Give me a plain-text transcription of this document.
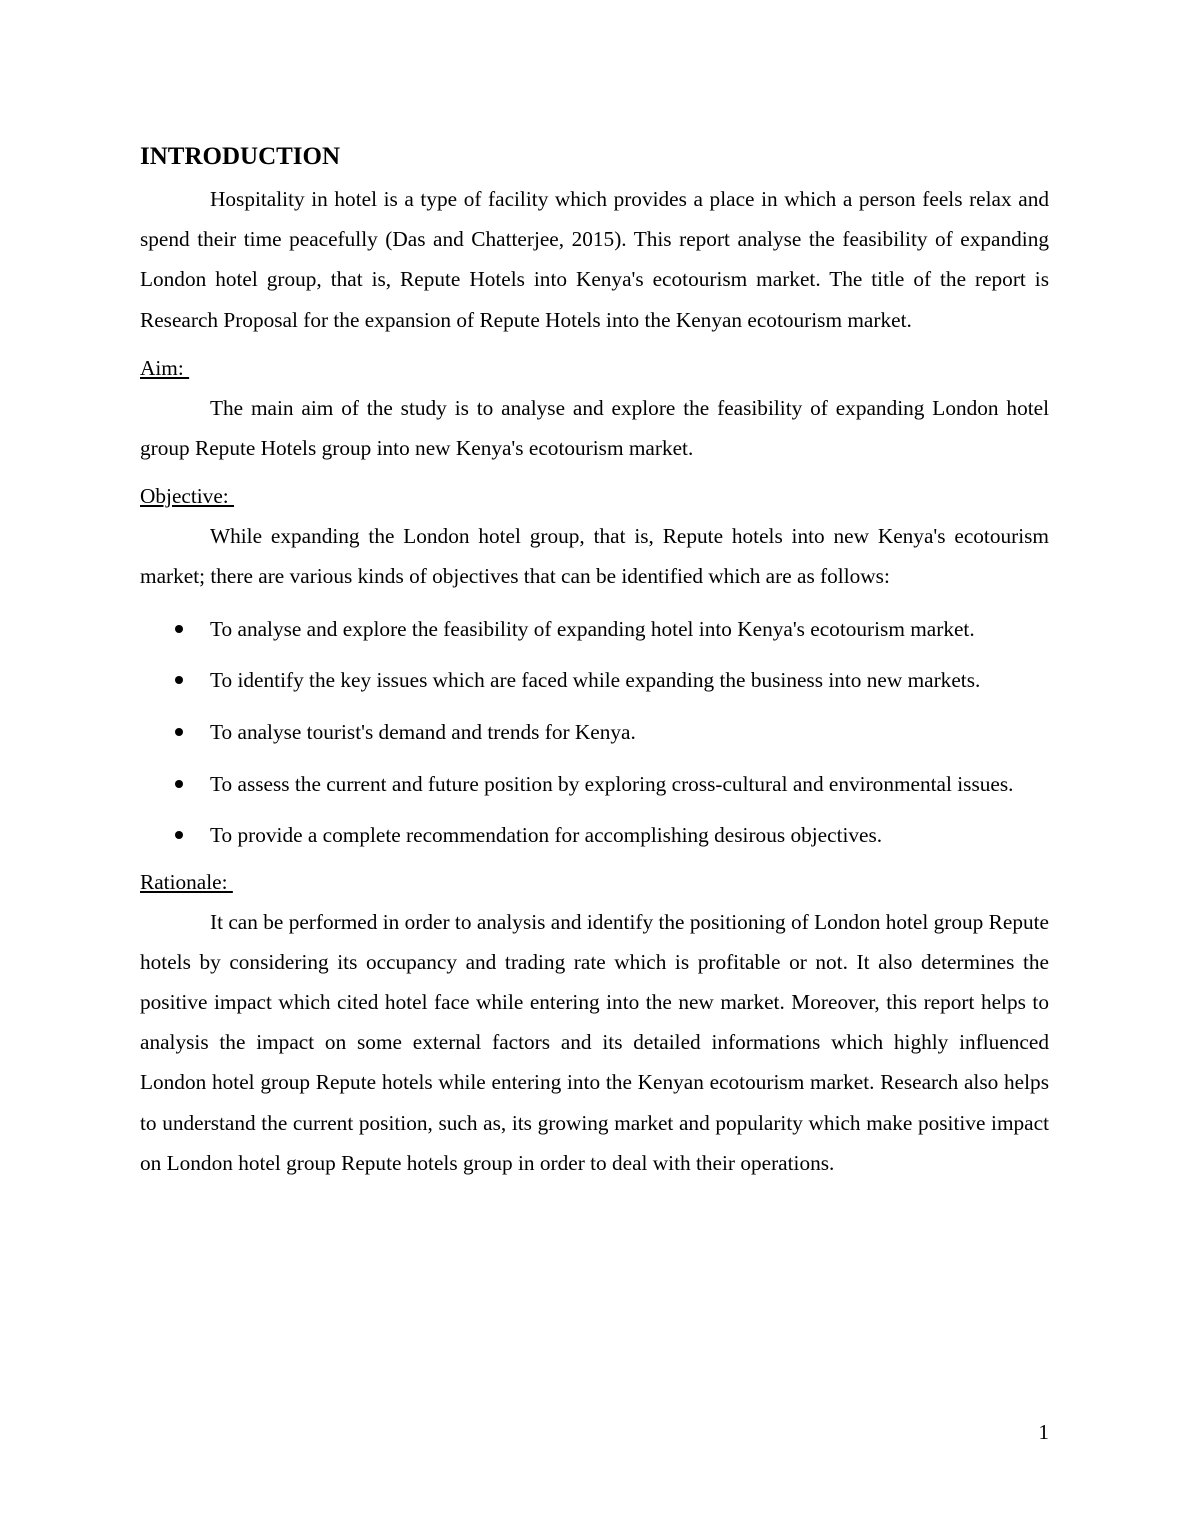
INTRODUCTION

Hospitality in hotel is a type of facility which provides a place in which a person feels relax and spend their time peacefully (Das and Chatterjee, 2015). This report analyse the feasibility of expanding London hotel group, that is, Repute Hotels into Kenya's ecotourism market. The title of the report is Research Proposal for the expansion of Repute Hotels into the Kenyan ecotourism market.

Aim:

The main aim of the study is to analyse and explore the feasibility of expanding London hotel group Repute Hotels group into new Kenya's ecotourism market.

Objective:

While expanding the London hotel group, that is, Repute hotels into new Kenya's ecotourism market; there are various kinds of objectives that can be identified which are as follows:

To analyse and explore the feasibility of expanding hotel into Kenya's ecotourism market.
To identify the key issues which are faced while expanding the business into new markets.
To analyse tourist's demand and trends for Kenya.
To assess the current and future position by exploring cross-cultural and environmental issues.
To provide a complete recommendation for accomplishing desirous objectives.

Rationale:

It can be performed in order to analysis and identify the positioning of London hotel group Repute hotels by considering its occupancy and trading rate which is profitable or not. It also determines the positive impact which cited hotel face while entering into the new market. Moreover, this report helps to analysis the impact on some external factors and its detailed informations which highly influenced London hotel group Repute hotels while entering into the Kenyan ecotourism market. Research also helps to understand the current position, such as, its growing market and popularity which make positive impact on London hotel group Repute hotels group in order to deal with their operations.

1
